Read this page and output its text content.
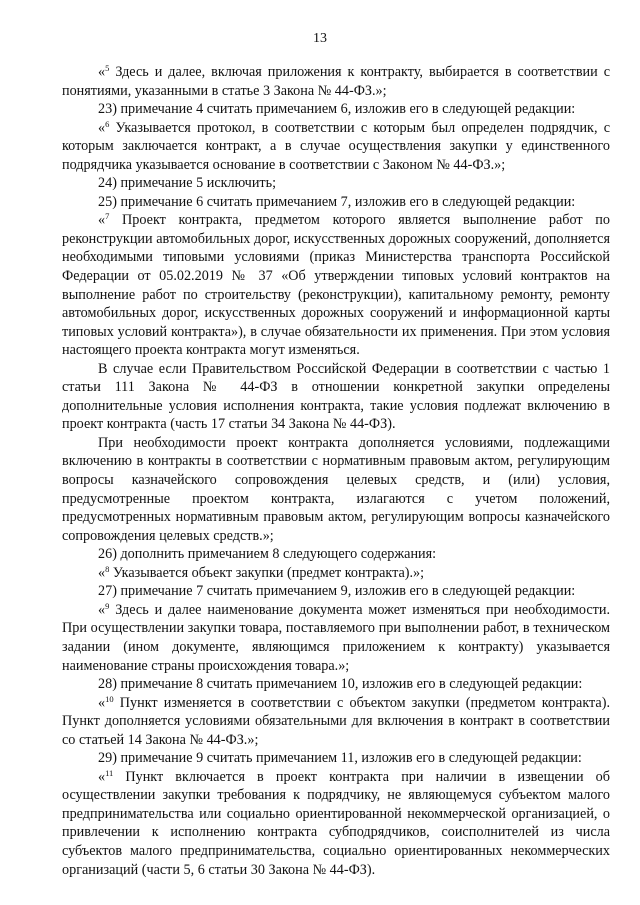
13

«$^5$ Здесь и далее, включая приложения к контракту, выбирается в соответствии с понятиями, указанными в статье 3 Закона № 44-ФЗ.»;

23) примечание 4 считать примечанием 6, изложив его в следующей редакции:

«$^6$ Указывается протокол, в соответствии с которым был определен подрядчик, с которым заключается контракт, а в случае осуществления закупки у единственного подрядчика указывается основание в соответствии с Законом № 44-ФЗ.»;

24) примечание 5 исключить;

25) примечание 6 считать примечанием 7, изложив его в следующей редакции:

«$^7$ Проект контракта, предметом которого является выполнение работ по реконструкции автомобильных дорог, искусственных дорожных сооружений, дополняется необходимыми типовыми условиями (приказ Министерства транспорта Российской Федерации от 05.02.2019 № 37 «Об утверждении типовых условий контрактов на выполнение работ по строительству (реконструкции), капитальному ремонту, ремонту автомобильных дорог, искусственных дорожных сооружений и информационной карты типовых условий контракта»), в случае обязательности их применения. При этом условия настоящего проекта контракта могут изменяться.

В случае если Правительством Российской Федерации в соответствии с частью 1 статьи 111 Закона № 44-ФЗ в отношении конкретной закупки определены дополнительные условия исполнения контракта, такие условия подлежат включению в проект контракта (часть 17 статьи 34 Закона № 44-ФЗ).

При необходимости проект контракта дополняется условиями, подлежащими включению в контракты в соответствии с нормативным правовым актом, регулирующим вопросы казначейского сопровождения целевых средств, и (или) условия, предусмотренные проектом контракта, излагаются с учетом положений, предусмотренных нормативным правовым актом, регулирующим вопросы казначейского сопровождения целевых средств.»;

26) дополнить примечанием 8 следующего содержания:

«$^8$ Указывается объект закупки (предмет контракта).»;

27) примечание 7 считать примечанием 9, изложив его в следующей редакции:

«$^9$ Здесь и далее наименование документа может изменяться при необходимости. При осуществлении закупки товара, поставляемого при выполнении работ, в техническом задании (ином документе, являющимся приложением к контракту) указывается наименование страны происхождения товара.»;

28) примечание 8 считать примечанием 10, изложив его в следующей редакции:

«$^{10}$ Пункт изменяется в соответствии с объектом закупки (предметом контракта). Пункт дополняется условиями обязательными для включения в контракт в соответствии со статьей 14 Закона № 44-ФЗ.»;

29) примечание 9 считать примечанием 11, изложив его в следующей редакции:

«$^{11}$ Пункт включается в проект контракта при наличии в извещении об осуществлении закупки требования к подрядчику, не являющемуся субъектом малого предпринимательства или социально ориентированной некоммерческой организацией, о привлечении к исполнению контракта субподрядчиков, соисполнителей из числа субъектов малого предпринимательства, социально ориентированных некоммерческих организаций (части 5, 6 статьи 30 Закона № 44-ФЗ).
